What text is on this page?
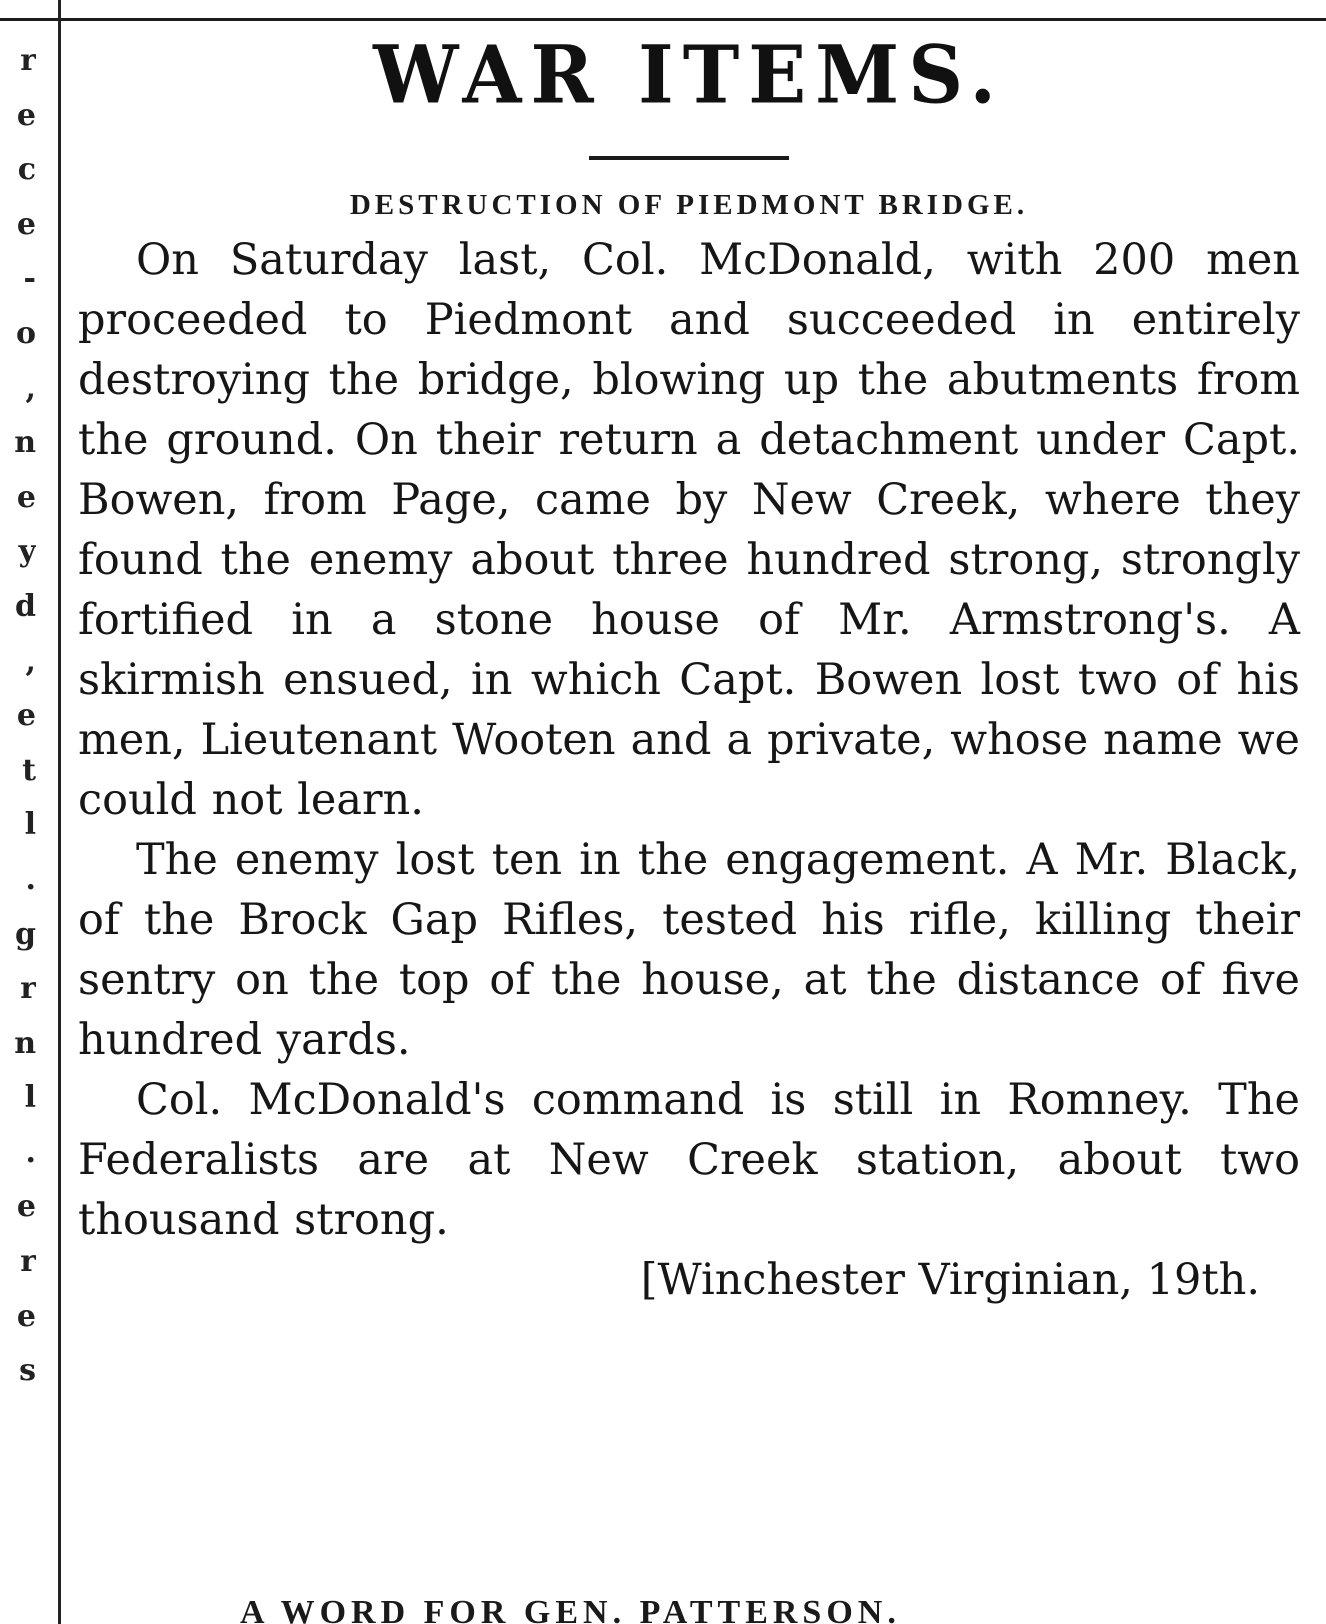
r
e
c
e
-
o
,
n
e
y
d
,
e
t
l
.
g
r
n
l
.
e
r
e
s
WAR ITEMS.
DESTRUCTION OF PIEDMONT BRIDGE.

On Saturday last, Col. McDonald, with 200 men proceeded to Piedmont and succeeded in entirely destroying the bridge, blowing up the abutments from the ground. On their return a detachment under Capt. Bowen, from Page, came by New Creek, where they found the enemy about three hundred strong, strongly fortified in a stone house of Mr. Armstrong's. A skirmish ensued, in which Capt. Bowen lost two of his men, Lieutenant Wooten and a private, whose name we could not learn.

The enemy lost ten in the engagement. A Mr. Black, of the Brock Gap Rifles, tested his rifle, killing their sentry on the top of the house, at the distance of five hundred yards.

Col. McDonald's command is still in Romney. The Federalists are at New Creek station, about two thousand strong.

[Winchester Virginian, 19th.

A WORD FOR GEN. PATTERSON.
